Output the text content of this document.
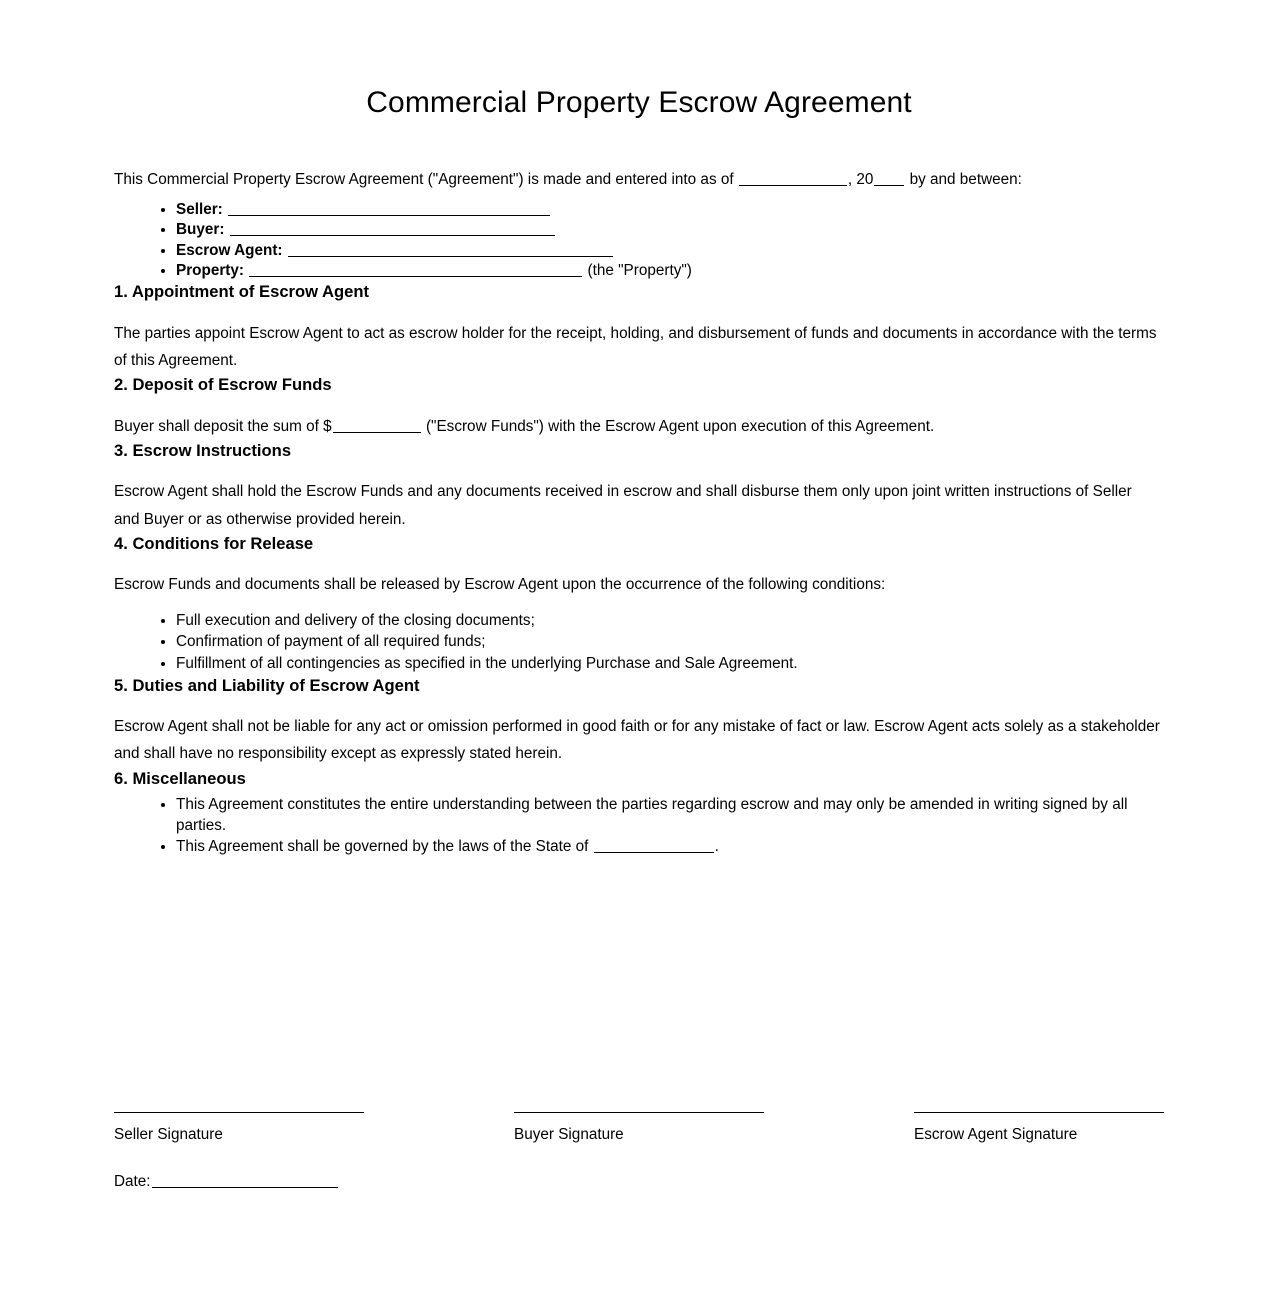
Commercial Property Escrow Agreement

This Commercial Property Escrow Agreement ("Agreement") is made and entered into as of	, 20 by and between:

• Seller:
• Buyer:
• Escrow Agent:
• Property:	(the "Property")
1. Appointment of Escrow Agent

The parties appoint Escrow Agent to act as escrow holder for the receipt, holding, and disbursement of funds and documents in accordance with the terms of this Agreement.

2. Deposit of Escrow Funds

Buyer shall deposit the sum of $	("Escrow Funds") with the Escrow Agent upon execution of this Agreement.

3. Escrow Instructions

Escrow Agent shall hold the Escrow Funds and any documents received in escrow and shall disburse them only upon joint written instructions of Seller and Buyer or as otherwise provided herein.

4. Conditions for Release

Escrow Funds and documents shall be released by Escrow Agent upon the occurrence of the following conditions:

• Full execution and delivery of the closing documents;
• Confirmation of payment of all required funds;
• Fulfillment of all contingencies as specified in the underlying Purchase and Sale Agreement.
5. Duties and Liability of Escrow Agent

Escrow Agent shall not be liable for any act or omission performed in good faith or for any mistake of fact or law. Escrow Agent acts solely as a stakeholder and shall have no responsibility except as expressly stated herein.

6. Miscellaneous
• This Agreement constitutes the entire understanding between the parties regarding escrow and may only be amended in writing signed by all parties.
• This Agreement shall be governed by the laws of the State of	.
Seller Signature	Buyer Signature	Escrow Agent Signature
Date:
